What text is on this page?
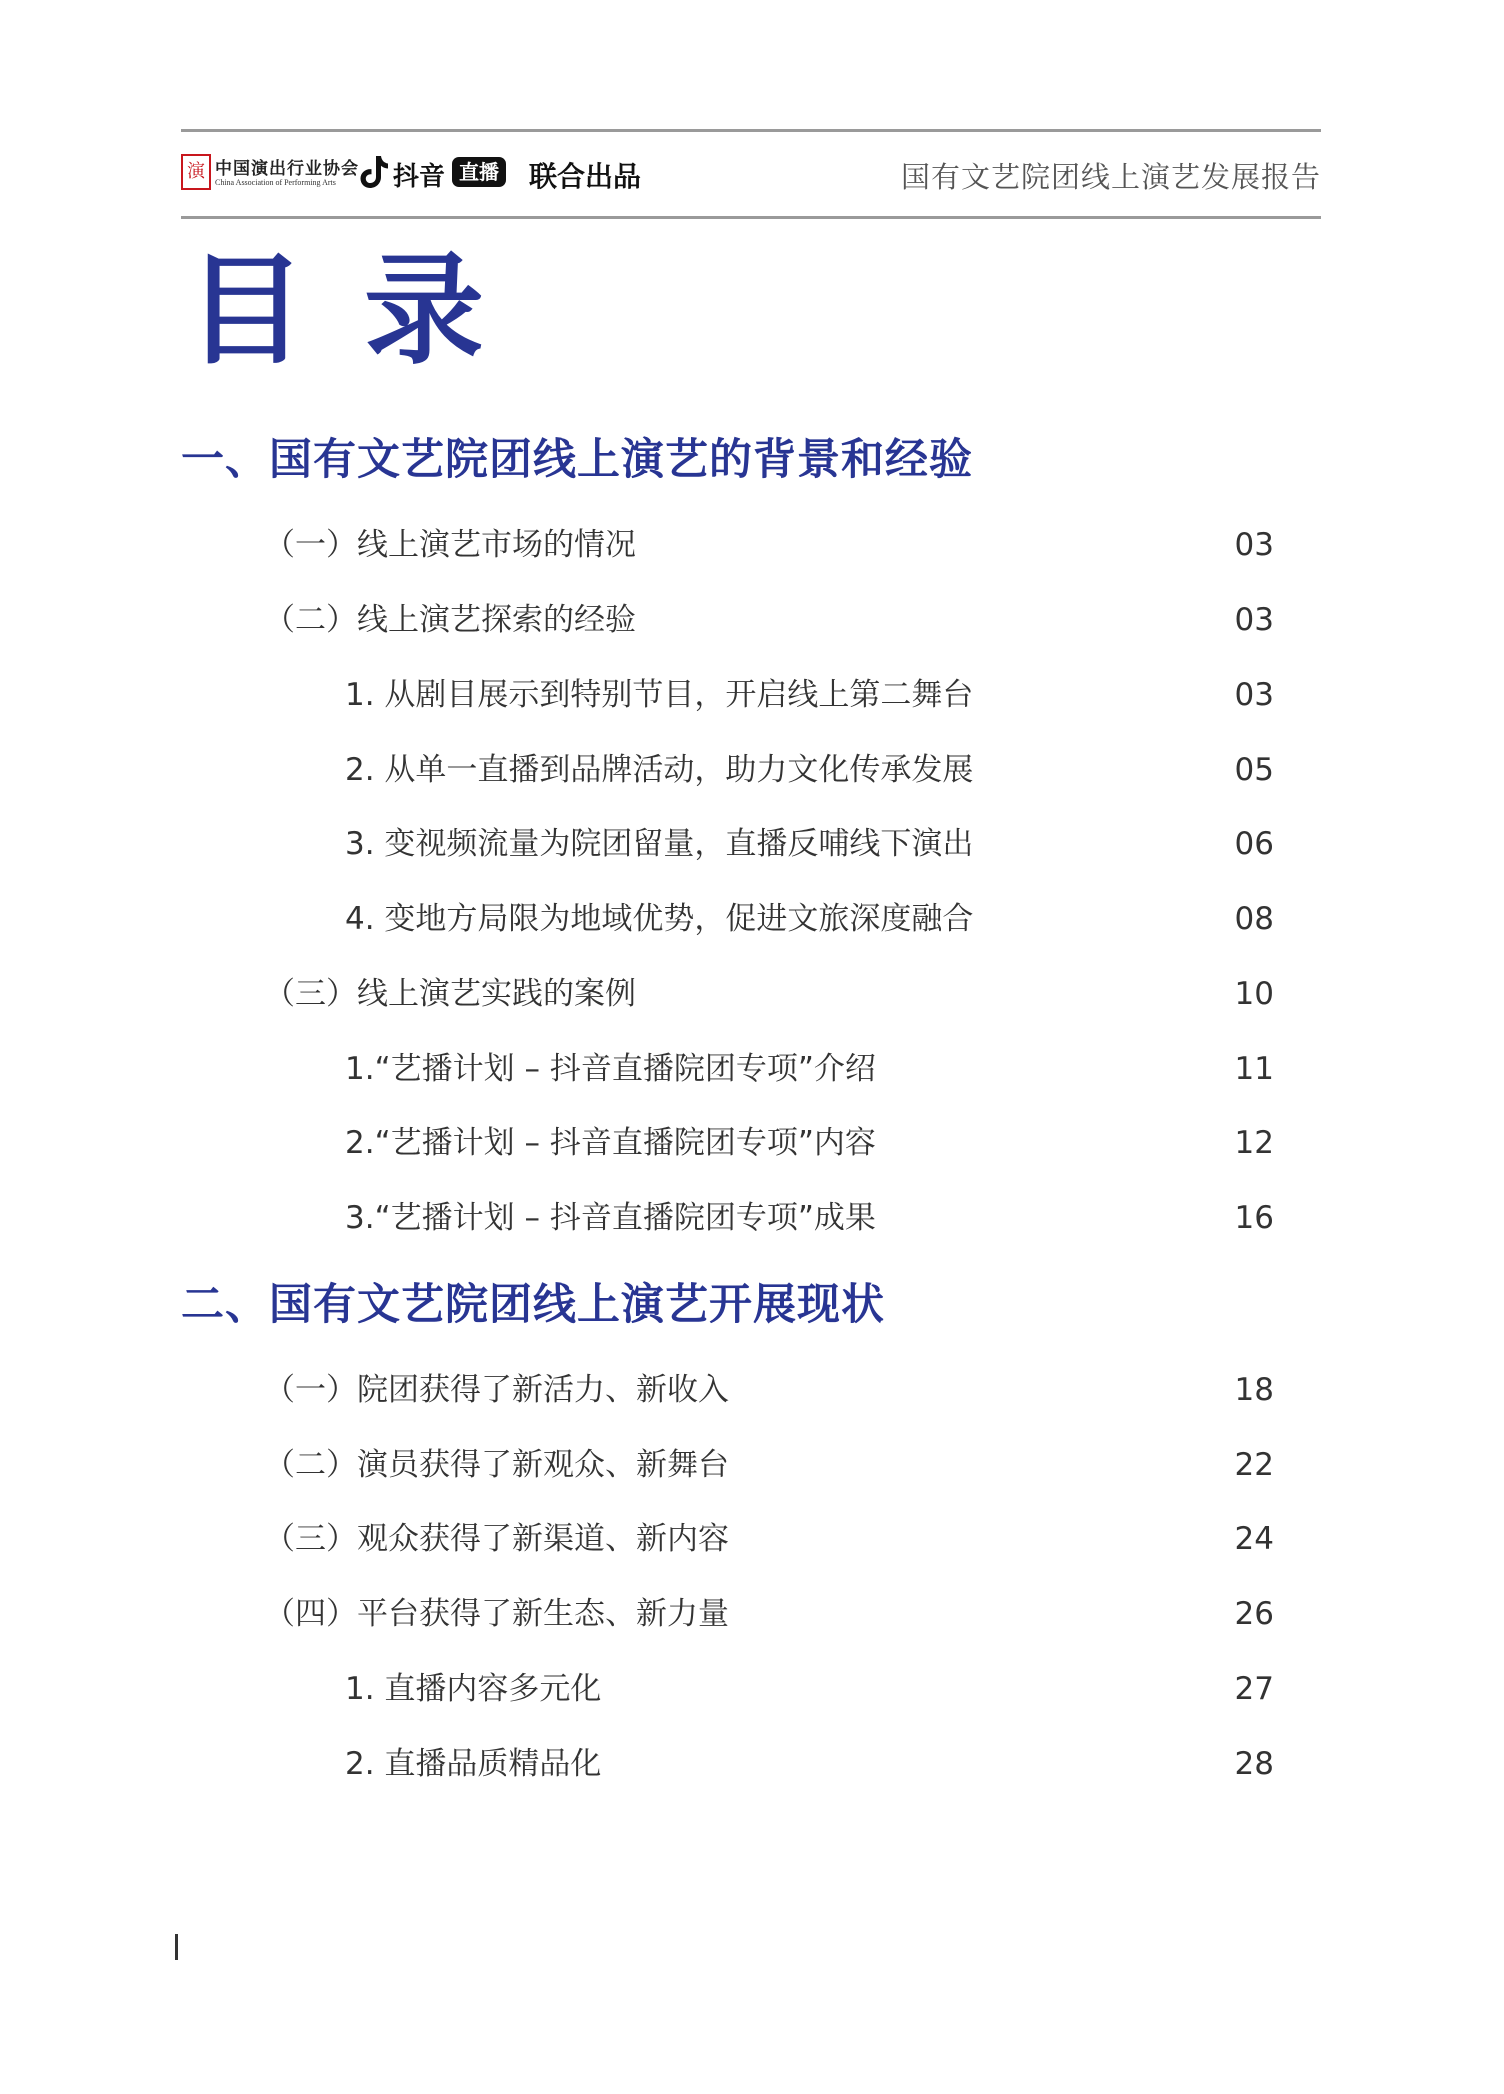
演 中国演出行业协会
China Association of Performing Arts 抖音 直播 联合出品	国有文艺院团线上演艺发展报告
目 录
一、国有文艺院团线上演艺的背景和经验
（一）线上演艺市场的情况	03
（二）线上演艺探索的经验	03
1. 从剧目展示到特别节目，开启线上第二舞台	03
2. 从单一直播到品牌活动，助力文化传承发展	05
3. 变视频流量为院团留量，直播反哺线下演出	06
4. 变地方局限为地域优势，促进文旅深度融合	08
（三）线上演艺实践的案例	10
1.“艺播计划 – 抖音直播院团专项”介绍	11
2.“艺播计划 – 抖音直播院团专项”内容	12
3.“艺播计划 – 抖音直播院团专项”成果	16
二、国有文艺院团线上演艺开展现状
（一）院团获得了新活力、新收入	18
（二）演员获得了新观众、新舞台	22
（三）观众获得了新渠道、新内容	24
（四）平台获得了新生态、新力量	26
1. 直播内容多元化	27
2. 直播品质精品化	28
